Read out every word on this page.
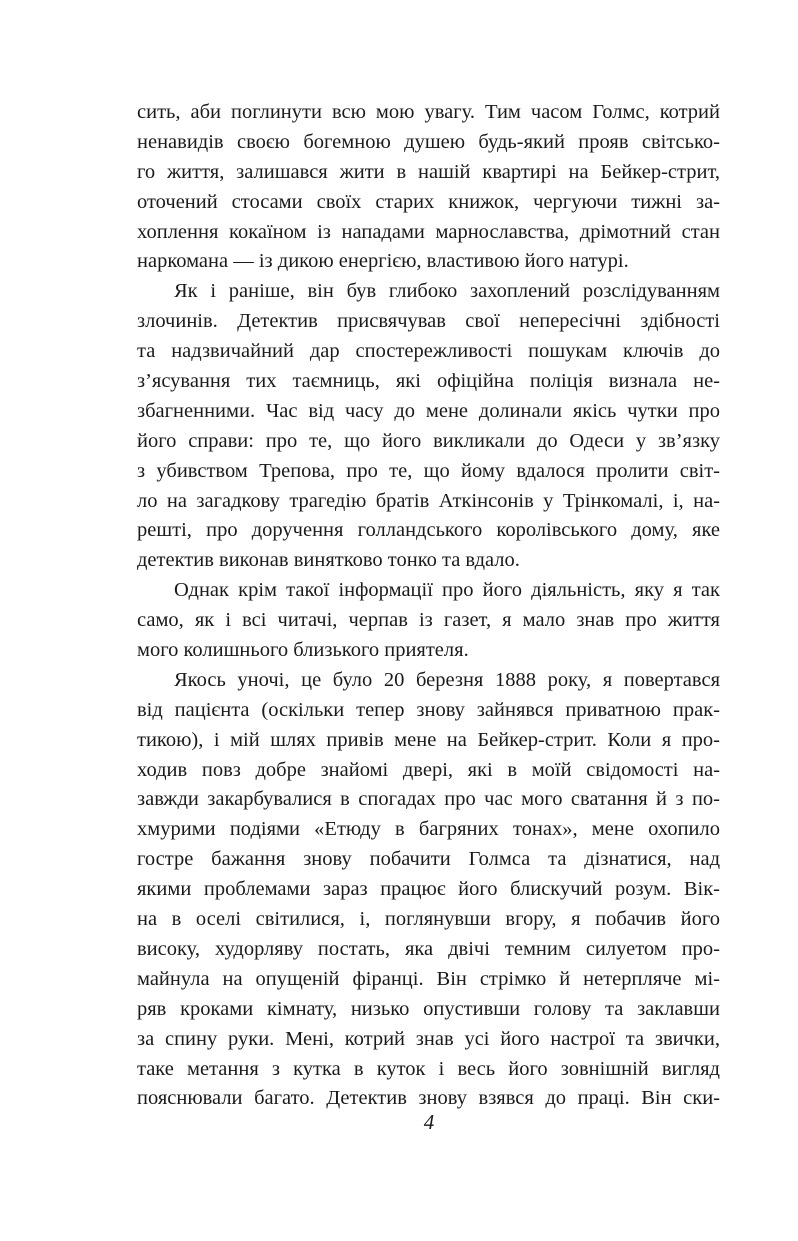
сить, аби поглинути всю мою увагу. Тим часом Голмс, котрий
ненавидів своєю богемною душею будь-який прояв світсько-
го життя, залишався жити в нашій квартирі на Бейкер-стрит,
оточений стосами своїх старих книжок, чергуючи тижні за-
хоплення кокаїном із нападами марнославства, дрімотний стан
наркомана — із дикою енергією, властивою його натурі.
Як і раніше, він був глибоко захоплений розслідуванням
злочинів. Детектив присвячував свої непересічні здібності
та надзвичайний дар спостережливості пошукам ключів до
з’ясування тих таємниць, які офіційна поліція визнала не-
збагненними. Час від часу до мене долинали якісь чутки про
його справи: про те, що його викликали до Одеси у зв’язку
з убивством Трепова, про те, що йому вдалося пролити світ-
ло на загадкову трагедію братів Аткінсонів у Трінкомалі, і, на-
решті, про доручення голландського королівського дому, яке
детектив виконав винятково тонко та вдало.
Однак крім такої інформації про його діяльність, яку я так
само, як і всі читачі, черпав із газет, я мало знав про життя
мого колишнього близького приятеля.
Якось уночі, це було 20 березня 1888 року, я повертався
від пацієнта (оскільки тепер знову зайнявся приватною прак-
тикою), і мій шлях привів мене на Бейкер-стрит. Коли я про-
ходив повз добре знайомі двері, які в моїй свідомості на-
завжди закарбувалися в спогадах про час мого сватання й з по-
хмурими подіями «Етюду в багряних тонах», мене охопило
гостре бажання знову побачити Голмса та дізнатися, над
якими проблемами зараз працює його блискучий розум. Вік-
на в оселі світилися, і, поглянувши вгору, я побачив його
високу, худорляву постать, яка двічі темним силуетом про-
майнула на опущеній фіранці. Він стрімко й нетерпляче мі-
ряв кроками кімнату, низько опустивши голову та заклавши
за спину руки. Мені, котрий знав усі його настрої та звички,
таке метання з кутка в куток і весь його зовнішній вигляд
пояснювали багато. Детектив знову взявся до праці. Він ски-
4
